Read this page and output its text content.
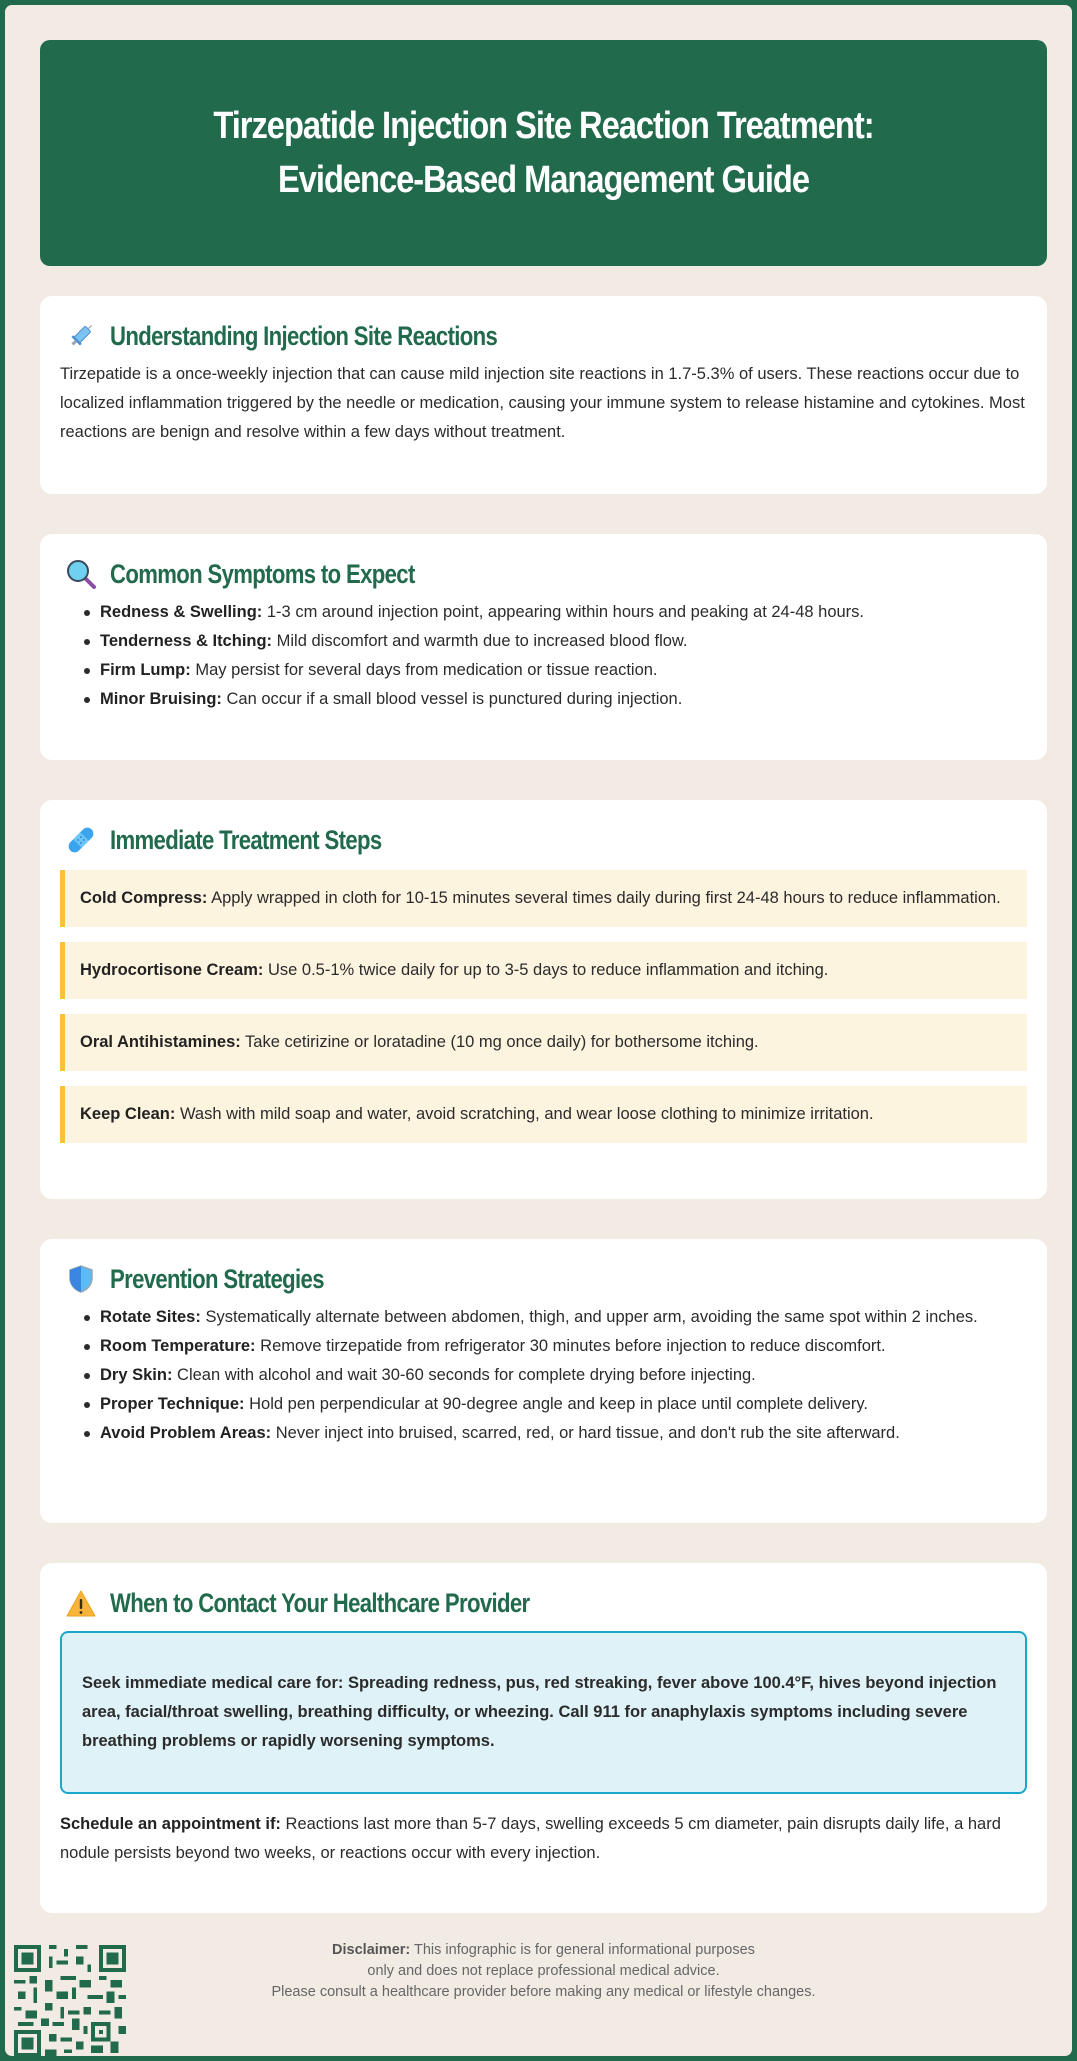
Tirzepatide Injection Site Reaction Treatment: Evidence-Based Management Guide
Understanding Injection Site Reactions

Tirzepatide is a once-weekly injection that can cause mild injection site reactions in 1.7-5.3% of users. These reactions occur due to localized inflammation triggered by the needle or medication, causing your immune system to release histamine and cytokines. Most reactions are benign and resolve within a few days without treatment.

Common Symptoms to Expect
Redness & Swelling: 1-3 cm around injection point, appearing within hours and peaking at 24-48 hours.
Tenderness & Itching: Mild discomfort and warmth due to increased blood flow.
Firm Lump: May persist for several days from medication or tissue reaction.
Minor Bruising: Can occur if a small blood vessel is punctured during injection.
Immediate Treatment Steps
Cold Compress: Apply wrapped in cloth for 10-15 minutes several times daily during first 24-48 hours to reduce inflammation.
Hydrocortisone Cream: Use 0.5-1% twice daily for up to 3-5 days to reduce inflammation and itching.
Oral Antihistamines: Take cetirizine or loratadine (10 mg once daily) for bothersome itching.
Keep Clean: Wash with mild soap and water, avoid scratching, and wear loose clothing to minimize irritation.
Prevention Strategies
Rotate Sites: Systematically alternate between abdomen, thigh, and upper arm, avoiding the same spot within 2 inches.
Room Temperature: Remove tirzepatide from refrigerator 30 minutes before injection to reduce discomfort.
Dry Skin: Clean with alcohol and wait 30-60 seconds for complete drying before injecting.
Proper Technique: Hold pen perpendicular at 90-degree angle and keep in place until complete delivery.
Avoid Problem Areas: Never inject into bruised, scarred, red, or hard tissue, and don't rub the site afterward.
When to Contact Your Healthcare Provider
Seek immediate medical care for: Spreading redness, pus, red streaking, fever above 100.4°F, hives beyond injection area, facial/throat swelling, breathing difficulty, or wheezing. Call 911 for anaphylaxis symptoms including severe breathing problems or rapidly worsening symptoms.

Schedule an appointment if: Reactions last more than 5-7 days, swelling exceeds 5 cm diameter, pain disrupts daily life, a hard nodule persists beyond two weeks, or reactions occur with every injection.

Disclaimer: This infographic is for general informational purposes
only and does not replace professional medical advice.
Please consult a healthcare provider before making any medical or lifestyle changes.
